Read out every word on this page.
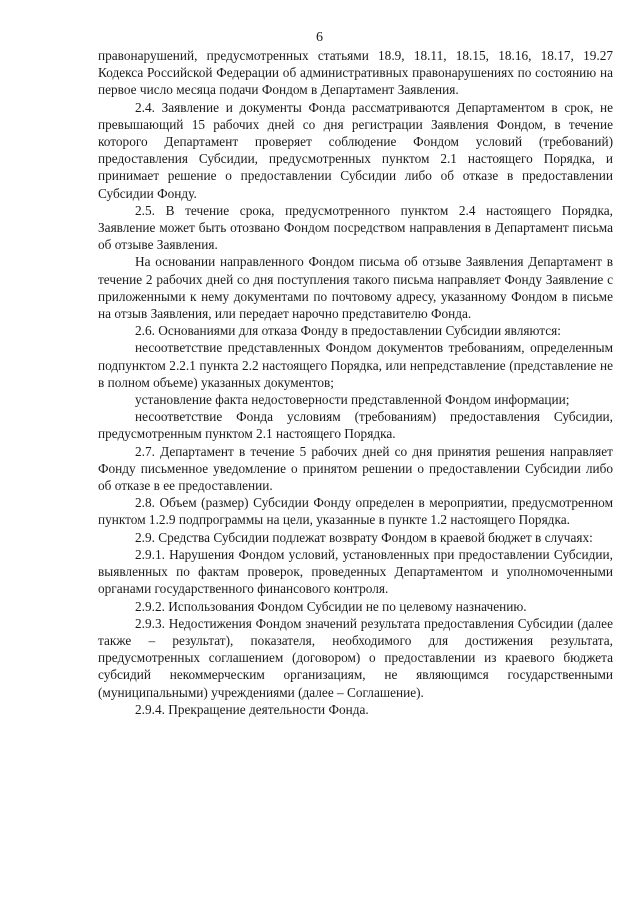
6

правонарушений, предусмотренных статьями 18.9, 18.11, 18.15, 18.16, 18.17, 19.27 Кодекса Российской Федерации об административных правонарушениях по состоянию на первое число месяца подачи Фондом в Департамент Заявления.

2.4. Заявление и документы Фонда рассматриваются Департаментом в срок, не превышающий 15 рабочих дней со дня регистрации Заявления Фондом, в течение которого Департамент проверяет соблюдение Фондом условий (требований) предоставления Субсидии, предусмотренных пунктом 2.1 настоящего Порядка, и принимает решение о предоставлении Субсидии либо об отказе в предоставлении Субсидии Фонду.

2.5. В течение срока, предусмотренного пунктом 2.4 настоящего Порядка, Заявление может быть отозвано Фондом посредством направления в Департамент письма об отзыве Заявления.

На основании направленного Фондом письма об отзыве Заявления Департамент в течение 2 рабочих дней со дня поступления такого письма направляет Фонду Заявление с приложенными к нему документами по почтовому адресу, указанному Фондом в письме на отзыв Заявления, или передает нарочно представителю Фонда.

2.6. Основаниями для отказа Фонду в предоставлении Субсидии являются:

несоответствие представленных Фондом документов требованиям, определенным подпунктом 2.2.1 пункта 2.2 настоящего Порядка, или непредставление (представление не в полном объеме) указанных документов;

установление факта недостоверности представленной Фондом информации;

несоответствие Фонда условиям (требованиям) предоставления Субсидии, предусмотренным пунктом 2.1 настоящего Порядка.

2.7. Департамент в течение 5 рабочих дней со дня принятия решения направляет Фонду письменное уведомление о принятом решении о предоставлении Субсидии либо об отказе в ее предоставлении.

2.8. Объем (размер) Субсидии Фонду определен в мероприятии, предусмотренном пунктом 1.2.9 подпрограммы на цели, указанные в пункте 1.2 настоящего Порядка.

2.9. Средства Субсидии подлежат возврату Фондом в краевой бюджет в случаях:

2.9.1. Нарушения Фондом условий, установленных при предоставлении Субсидии, выявленных по фактам проверок, проведенных Департаментом и уполномоченными органами государственного финансового контроля.

2.9.2. Использования Фондом Субсидии не по целевому назначению.

2.9.3. Недостижения Фондом значений результата предоставления Субсидии (далее также – результат), показателя, необходимого для достижения результата, предусмотренных соглашением (договором) о предоставлении из краевого бюджета субсидий некоммерческим организациям, не являющимся государственными (муниципальными) учреждениями (далее – Соглашение).

2.9.4. Прекращение деятельности Фонда.
